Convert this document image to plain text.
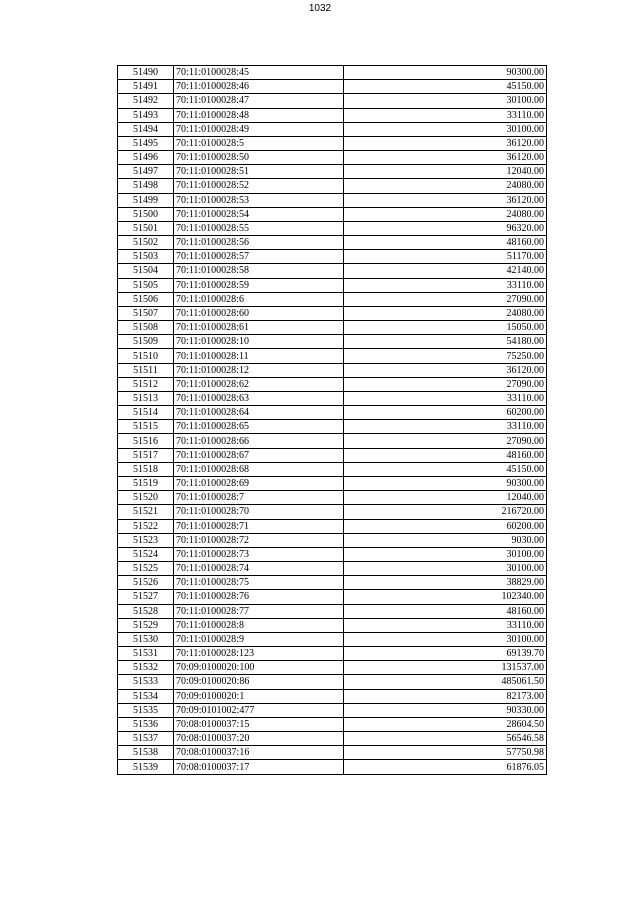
1032
51490	70:11:0100028:45	90300.00
51491	70:11:0100028:46	45150.00
51492	70:11:0100028:47	30100.00
51493	70:11:0100028:48	33110.00
51494	70:11:0100028:49	30100.00
51495	70:11:0100028:5	36120.00
51496	70:11:0100028:50	36120.00
51497	70:11:0100028:51	12040.00
51498	70:11:0100028:52	24080.00
51499	70:11:0100028:53	36120.00
51500	70:11:0100028:54	24080.00
51501	70:11:0100028:55	96320.00
51502	70:11:0100028:56	48160.00
51503	70:11:0100028:57	51170.00
51504	70:11:0100028:58	42140.00
51505	70:11:0100028:59	33110.00
51506	70:11:0100028:6	27090.00
51507	70:11:0100028:60	24080.00
51508	70:11:0100028:61	15050.00
51509	70:11:0100028:10	54180.00
51510	70:11:0100028:11	75250.00
51511	70:11:0100028:12	36120.00
51512	70:11:0100028:62	27090.00
51513	70:11:0100028:63	33110.00
51514	70:11:0100028:64	60200.00
51515	70:11:0100028:65	33110.00
51516	70:11:0100028:66	27090.00
51517	70:11:0100028:67	48160.00
51518	70:11:0100028:68	45150.00
51519	70:11:0100028:69	90300.00
51520	70:11:0100028:7	12040.00
51521	70:11:0100028:70	216720.00
51522	70:11:0100028:71	60200.00
51523	70:11:0100028:72	9030.00
51524	70:11:0100028:73	30100.00
51525	70:11:0100028:74	30100.00
51526	70:11:0100028:75	38829.00
51527	70:11:0100028:76	102340.00
51528	70:11:0100028:77	48160.00
51529	70:11:0100028:8	33110.00
51530	70:11:0100028:9	30100.00
51531	70:11:0100028:123	69139.70
51532	70:09:0100020:100	131537.00
51533	70:09:0100020:86	485061.50
51534	70:09:0100020:1	82173.00
51535	70:09:0101002:477	90330.00
51536	70:08:0100037:15	28604.50
51537	70:08:0100037:20	56546.58
51538	70:08:0100037:16	57750.98
51539	70:08:0100037:17	61876.05
